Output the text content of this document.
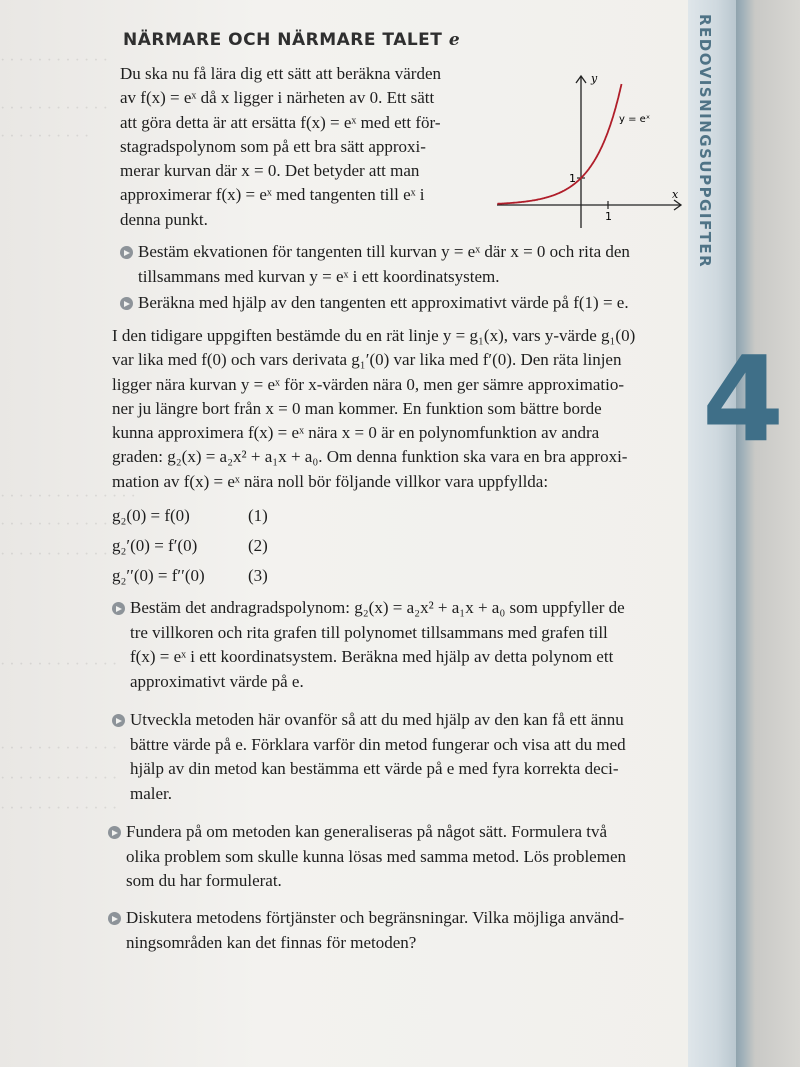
REDOVISNINGSUPPGIFTER
4

· · · · · · · · · · · ·

· · · · · · · · · · · ·

· · · · · · · · · ·

· · · · · · · · · · · · · · ·

· · · · · · · · · · · · · ·

· · · · · · · · · · · · ·

· · · · · · · · · · · · ·

· · · · · · · · · · · · ·

· · · · · · · · · · · · ·

· · · · · · · · · · · · ·

NÄRMARE OCH NÄRMARE TALET e
Du ska nu få lära dig ett sätt att beräkna värden
av f(x) = eˣ då x ligger i närheten av 0. Ett sätt
att göra detta är att ersätta f(x) = eˣ med ett för-
stagradspolynom som på ett bra sätt approxi-
merar kurvan där x = 0. Det betyder att man
approximerar f(x) = eˣ med tangenten till eˣ i
denna punkt.
y
x
y = eˣ
1
1
Bestäm ekvationen för tangenten till kurvan y = eˣ där x = 0 och rita den
tillsammans med kurvan y = eˣ i ett koordinatsystem.
Beräkna med hjälp av den tangenten ett approximativt värde på f(1) = e.
I den tidigare uppgiften bestämde du en rät linje y = g₁(x), vars y-värde g₁(0)
var lika med f(0) och vars derivata g₁′(0) var lika med f′(0). Den räta linjen
ligger nära kurvan y = eˣ för x-värden nära 0, men ger sämre approximatio-
ner ju längre bort från x = 0 man kommer. En funktion som bättre borde
kunna approximera f(x) = eˣ nära x = 0 är en polynomfunktion av andra
graden: g₂(x) = a₂x² + a₁x + a₀. Om denna funktion ska vara en bra approxi-
mation av f(x) = eˣ nära noll bör följande villkor vara uppfyllda:
g₂(0) = f(0)	(1)
g₂′(0) = f′(0)	(2)
g₂′′(0) = f′′(0)	(3)
Bestäm det andragradspolynom: g₂(x) = a₂x² + a₁x + a₀ som uppfyller de
tre villkoren och rita grafen till polynomet tillsammans med grafen till
f(x) = eˣ i ett koordinatsystem. Beräkna med hjälp av detta polynom ett
approximativt värde på e.
Utveckla metoden här ovanför så att du med hjälp av den kan få ett ännu
bättre värde på e. Förklara varför din metod fungerar och visa att du med
hjälp av din metod kan bestämma ett värde på e med fyra korrekta deci-
maler.
Fundera på om metoden kan generaliseras på något sätt. Formulera två
olika problem som skulle kunna lösas med samma metod. Lös problemen
som du har formulerat.
Diskutera metodens förtjänster och begränsningar. Vilka möjliga använd-
ningsområden kan det finnas för metoden?
